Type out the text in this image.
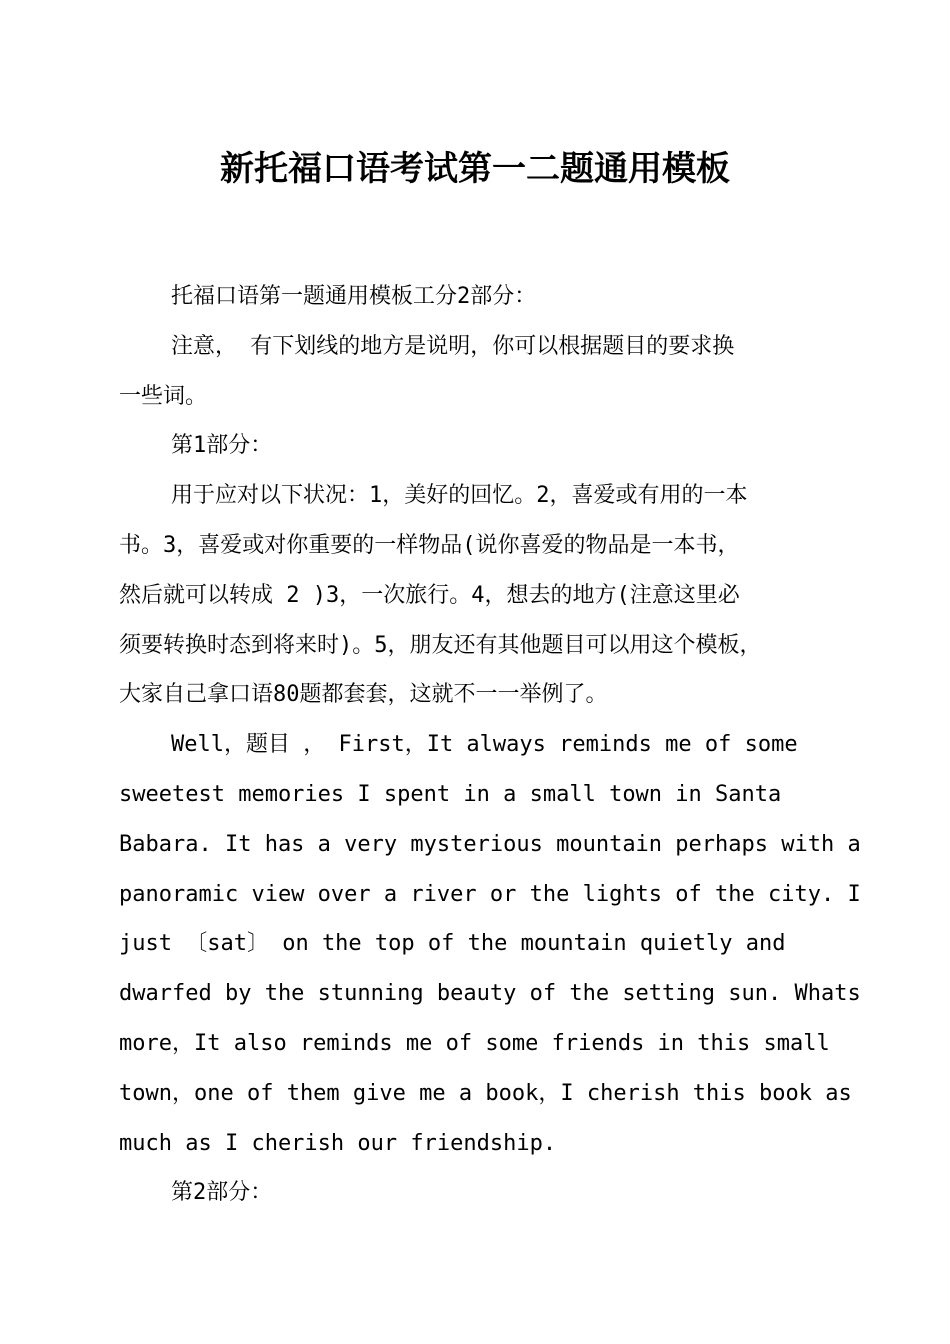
新托福口语考试第一二题通用模板
托福口语第一题通用模板工分2部分：
注意， 有下划线的地方是说明，你可以根据题目的要求换
一些词。
第1部分：
用于应对以下状况：1，美好的回忆。2，喜爱或有用的一本
书。3，喜爱或对你重要的一样物品(说你喜爱的物品是一本书，
然后就可以转成 2 )3，一次旅行。4，想去的地方(注意这里必
须要转换时态到将来时)。5，朋友还有其他题目可以用这个模板，
大家自己拿口语80题都套套，这就不一一举例了。
Well，题目 ， First，It always reminds me of some
sweetest memories I spent in a small town in Santa
Babara. It has a very mysterious mountain perhaps with a
panoramic view over a river or the lights of the city. I
just 〔sat〕 on the top of the mountain quietly and
dwarfed by the stunning beauty of the setting sun. Whats
more，It also reminds me of some friends in this small
town，one of them give me a book，I cherish this book as
much as I cherish our friendship.
第2部分：
